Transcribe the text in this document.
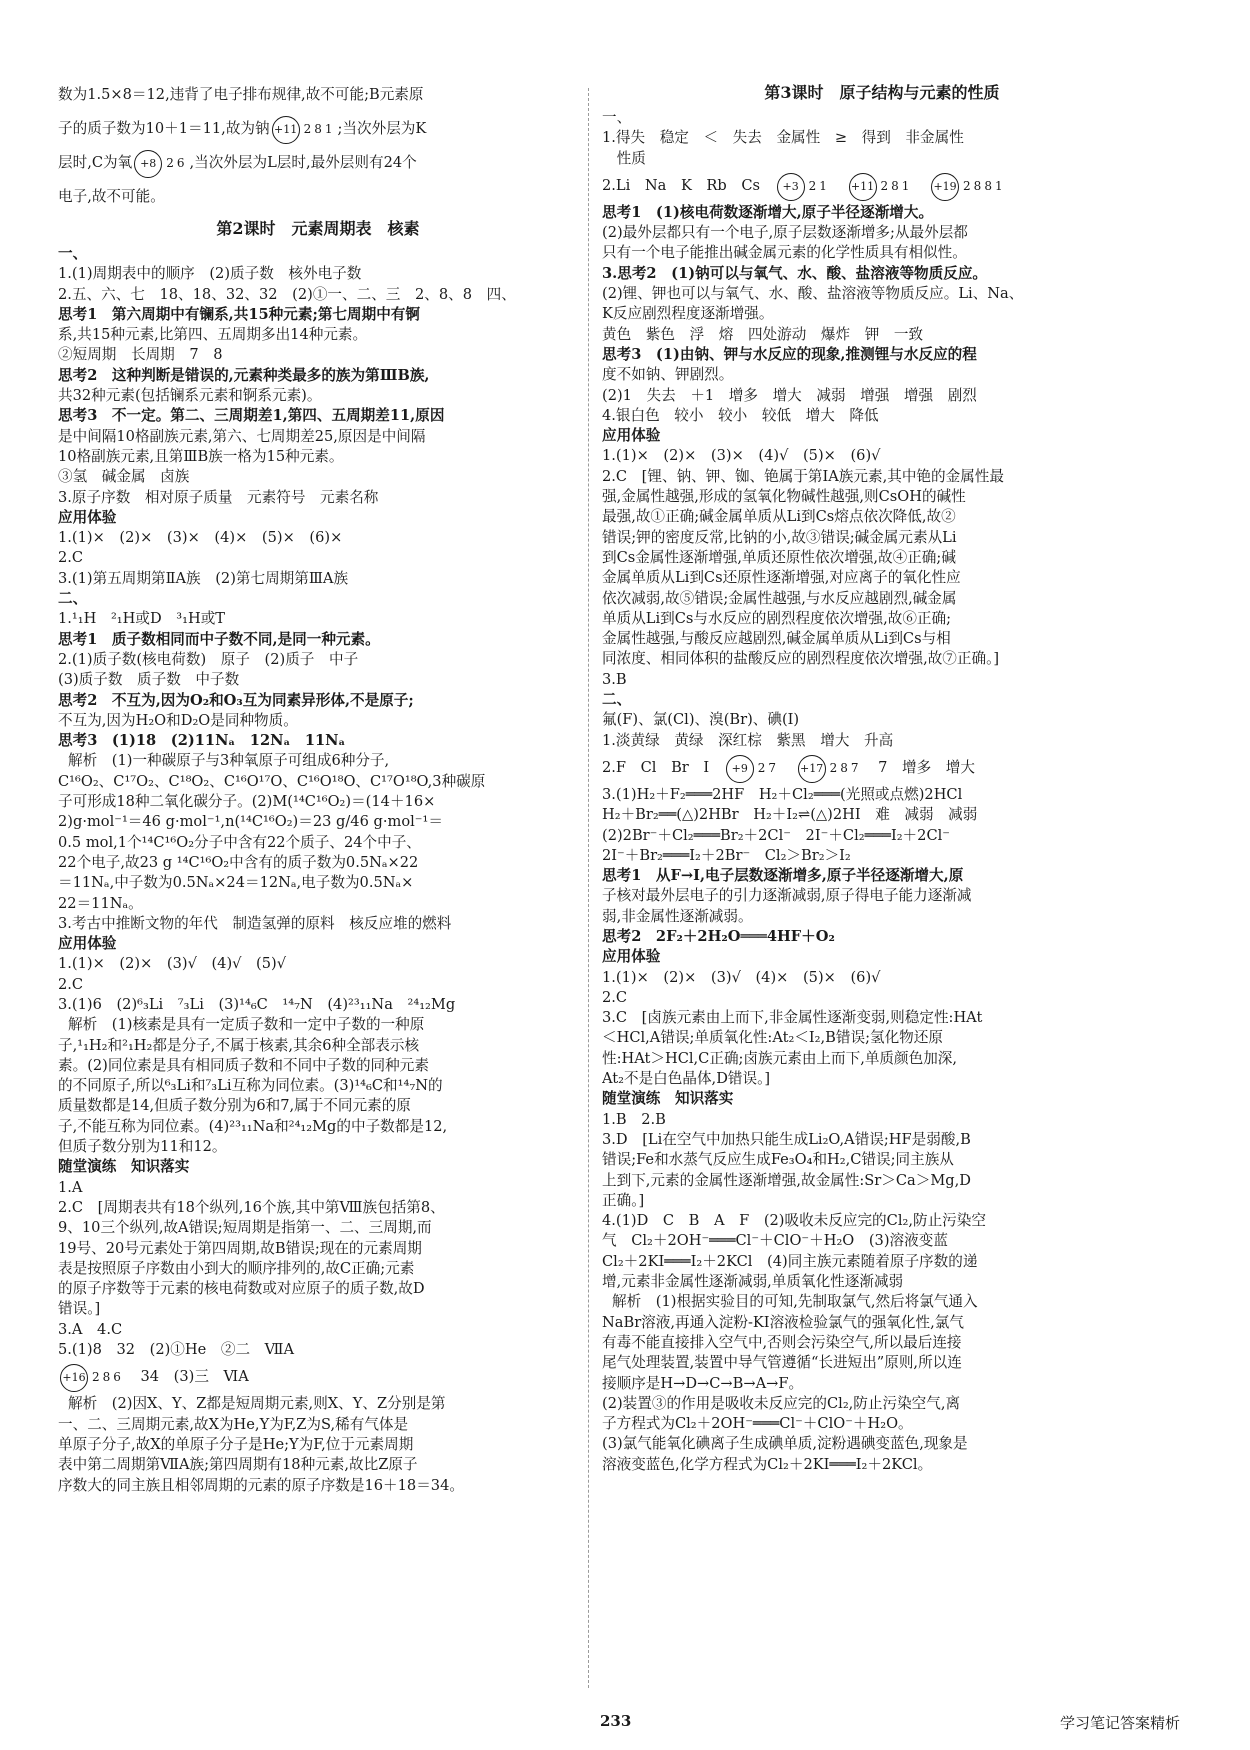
数为1.5×8＝12,违背了电子排布规律,故不可能;B元素原
子的质子数为10＋1＝11,故为钠 +11 281 ;当次外层为K
层时,C为氧 +8 26 ,当次外层为L层时,最外层则有24个
电子,故不可能。
第2课时　元素周期表　核素
一、
1.(1)周期表中的顺序　(2)质子数　核外电子数
2.五、六、七　18、18、32、32　(2)①一、二、三　2、8、8　四、
思考1　第六周期中有镧系,共15种元素;第七周期中有锕
系,共15种元素,比第四、五周期多出14种元素。
②短周期　长周期　7　8
思考2　这种判断是错误的,元素种类最多的族为第ⅢB族,
共32种元素(包括镧系元素和锕系元素)。
思考3　不一定。第二、三周期差1,第四、五周期差11,原因
是中间隔10格副族元素,第六、七周期差25,原因是中间隔
10格副族元素,且第ⅢB族一格为15种元素。
③氢　碱金属　卤族
3.原子序数　相对原子质量　元素符号　元素名称
应用体验
1.(1)×　(2)×　(3)×　(4)×　(5)×　(6)×
2.C
3.(1)第五周期第ⅡA族　(2)第七周期第ⅢA族
二、
1.¹₁H　²₁H或D　³₁H或T
思考1　质子数相同而中子数不同,是同一种元素。
2.(1)质子数(核电荷数)　原子　(2)质子　中子
(3)质子数　质子数　中子数
思考2　不互为,因为O₂和O₃互为同素异形体,不是原子;
不互为,因为H₂O和D₂O是同种物质。
思考3　(1)18　(2)11Nₐ　12Nₐ　11Nₐ
解析　(1)一种碳原子与3种氧原子可组成6种分子,
C¹⁶O₂、C¹⁷O₂、C¹⁸O₂、C¹⁶O¹⁷O、C¹⁶O¹⁸O、C¹⁷O¹⁸O,3种碳原
子可形成18种二氧化碳分子。(2)M(¹⁴C¹⁶O₂)＝(14＋16×
2)g·mol⁻¹＝46 g·mol⁻¹,n(¹⁴C¹⁶O₂)＝23 g/46 g·mol⁻¹＝
0.5 mol,1个¹⁴C¹⁶O₂分子中含有22个质子、24个中子、
22个电子,故23 g ¹⁴C¹⁶O₂中含有的质子数为0.5Nₐ×22
＝11Nₐ,中子数为0.5Nₐ×24＝12Nₐ,电子数为0.5Nₐ×
22＝11Nₐ。
3.考古中推断文物的年代　制造氢弹的原料　核反应堆的燃料
应用体验
1.(1)×　(2)×　(3)√　(4)√　(5)√
2.C
3.(1)6　(2)⁶₃Li　⁷₃Li　(3)¹⁴₆C　¹⁴₇N　(4)²³₁₁Na　²⁴₁₂Mg
解析　(1)核素是具有一定质子数和一定中子数的一种原
子,¹₁H₂和²₁H₂都是分子,不属于核素,其余6种全部表示核
素。(2)同位素是具有相同质子数和不同中子数的同种元素
的不同原子,所以⁶₃Li和⁷₃Li互称为同位素。(3)¹⁴₆C和¹⁴₇N的
质量数都是14,但质子数分别为6和7,属于不同元素的原
子,不能互称为同位素。(4)²³₁₁Na和²⁴₁₂Mg的中子数都是12,
但质子数分别为11和12。
随堂演练　知识落实
1.A
2.C　[周期表共有18个纵列,16个族,其中第Ⅷ族包括第8、
9、10三个纵列,故A错误;短周期是指第一、二、三周期,而
19号、20号元素处于第四周期,故B错误;现在的元素周期
表是按照原子序数由小到大的顺序排列的,故C正确;元素
的原子序数等于元素的核电荷数或对应原子的质子数,故D
错误。]
3.A　4.C
5.(1)8　32　(2)①He　②二　ⅦA
+16 286　34　(3)三　ⅥA
解析　(2)因X、Y、Z都是短周期元素,则X、Y、Z分别是第
一、二、三周期元素,故X为He,Y为F,Z为S,稀有气体是
单原子分子,故X的单原子分子是He;Y为F,位于元素周期
表中第二周期第ⅦA族;第四周期有18种元素,故比Z原子
序数大的同主族且相邻周期的元素的原子序数是16＋18＝34。
第3课时　原子结构与元素的性质
一、
1.得失　稳定　＜　失去　金属性　≥　得到　非金属性
　性质
2.Li　Na　K　Rb　Cs　 +3 21　 +11 281　 +19 2881
思考1　(1)核电荷数逐渐增大,原子半径逐渐增大。
(2)最外层都只有一个电子,原子层数逐渐增多;从最外层都
只有一个电子能推出碱金属元素的化学性质具有相似性。
3.思考2　(1)钠可以与氧气、水、酸、盐溶液等物质反应。
(2)锂、钾也可以与氧气、水、酸、盐溶液等物质反应。Li、Na、
K反应剧烈程度逐渐增强。
黄色　紫色　浮　熔　四处游动　爆炸　钾　一致
思考3　(1)由钠、钾与水反应的现象,推测锂与水反应的程
度不如钠、钾剧烈。
(2)1　失去　＋1　增多　增大　减弱　增强　增强　剧烈
4.银白色　较小　较小　较低　增大　降低
应用体验
1.(1)×　(2)×　(3)×　(4)√　(5)×　(6)√
2.C　[锂、钠、钾、铷、铯属于第ⅠA族元素,其中铯的金属性最
强,金属性越强,形成的氢氧化物碱性越强,则CsOH的碱性
最强,故①正确;碱金属单质从Li到Cs熔点依次降低,故②
错误;钾的密度反常,比钠的小,故③错误;碱金属元素从Li
到Cs金属性逐渐增强,单质还原性依次增强,故④正确;碱
金属单质从Li到Cs还原性逐渐增强,对应离子的氧化性应
依次减弱,故⑤错误;金属性越强,与水反应越剧烈,碱金属
单质从Li到Cs与水反应的剧烈程度依次增强,故⑥正确;
金属性越强,与酸反应越剧烈,碱金属单质从Li到Cs与相
同浓度、相同体积的盐酸反应的剧烈程度依次增强,故⑦正确。]
3.B
二、
氟(F)、氯(Cl)、溴(Br)、碘(I)
1.淡黄绿　黄绿　深红棕　紫黑　增大　升高
2.F　Cl　Br　I　 +9 27　 +17 287　7　增多　增大
3.(1)H₂＋F₂═══2HF　H₂＋Cl₂═══(光照或点燃)2HCl
H₂＋Br₂══(△)2HBr　H₂＋I₂⇌(△)2HI　难　减弱　减弱
(2)2Br⁻＋Cl₂═══Br₂＋2Cl⁻　2I⁻＋Cl₂═══I₂＋2Cl⁻
2I⁻＋Br₂═══I₂＋2Br⁻　Cl₂＞Br₂＞I₂
思考1　从F→I,电子层数逐渐增多,原子半径逐渐增大,原
子核对最外层电子的引力逐渐减弱,原子得电子能力逐渐减
弱,非金属性逐渐减弱。
思考2　2F₂＋2H₂O═══4HF＋O₂
应用体验
1.(1)×　(2)×　(3)√　(4)×　(5)×　(6)√
2.C
3.C　[卤族元素由上而下,非金属性逐渐变弱,则稳定性:HAt
＜HCl,A错误;单质氧化性:At₂＜I₂,B错误;氢化物还原
性:HAt＞HCl,C正确;卤族元素由上而下,单质颜色加深,
At₂不是白色晶体,D错误。]
随堂演练　知识落实
1.B　2.B
3.D　[Li在空气中加热只能生成Li₂O,A错误;HF是弱酸,B
错误;Fe和水蒸气反应生成Fe₃O₄和H₂,C错误;同主族从
上到下,元素的金属性逐渐增强,故金属性:Sr＞Ca＞Mg,D
正确。]
4.(1)D　C　B　A　F　(2)吸收未反应完的Cl₂,防止污染空
气　Cl₂＋2OH⁻═══Cl⁻＋ClO⁻＋H₂O　(3)溶液变蓝
Cl₂＋2KI═══I₂＋2KCl　(4)同主族元素随着原子序数的递
增,元素非金属性逐渐减弱,单质氧化性逐渐减弱
解析　(1)根据实验目的可知,先制取氯气,然后将氯气通入
NaBr溶液,再通入淀粉-KI溶液检验氯气的强氧化性,氯气
有毒不能直接排入空气中,否则会污染空气,所以最后连接
尾气处理装置,装置中导气管遵循“长进短出”原则,所以连
接顺序是H→D→C→B→A→F。
(2)装置③的作用是吸收未反应完的Cl₂,防止污染空气,离
子方程式为Cl₂＋2OH⁻═══Cl⁻＋ClO⁻＋H₂O。
(3)氯气能氧化碘离子生成碘单质,淀粉遇碘变蓝色,现象是
溶液变蓝色,化学方程式为Cl₂＋2KI═══I₂＋2KCl。
233	学习笔记答案精析
